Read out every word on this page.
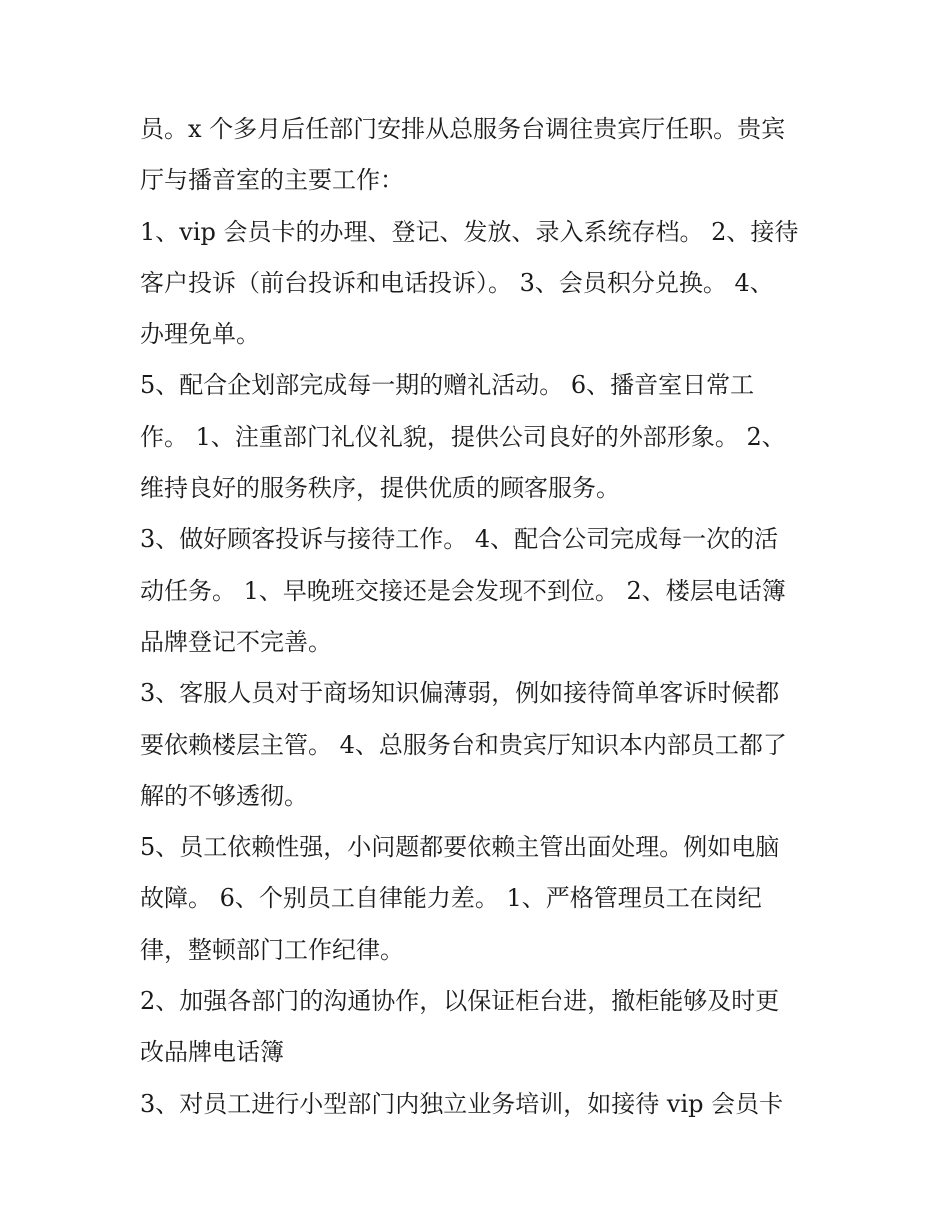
员。x 个多月后任部门安排从总服务台调往贵宾厅任职。贵宾
厅与播音室的主要工作：
1、vip 会员卡的办理、登记、发放、录入系统存档。 2、接待
客户投诉（前台投诉和电话投诉）。 3、会员积分兑换。 4、
办理免单。
5、配合企划部完成每一期的赠礼活动。 6、播音室日常工
作。 1、注重部门礼仪礼貌，提供公司良好的外部形象。 2、
维持良好的服务秩序，提供优质的顾客服务。
3、做好顾客投诉与接待工作。 4、配合公司完成每一次的活
动任务。 1、早晚班交接还是会发现不到位。 2、楼层电话簿
品牌登记不完善。
3、客服人员对于商场知识偏薄弱，例如接待简单客诉时候都
要依赖楼层主管。 4、总服务台和贵宾厅知识本内部员工都了
解的不够透彻。
5、员工依赖性强，小问题都要依赖主管出面处理。例如电脑
故障。 6、个别员工自律能力差。 1、严格管理员工在岗纪
律，整顿部门工作纪律。
2、加强各部门的沟通协作，以保证柜台进，撤柜能够及时更
改品牌电话簿
3、对员工进行小型部门内独立业务培训，如接待 vip 会员卡
